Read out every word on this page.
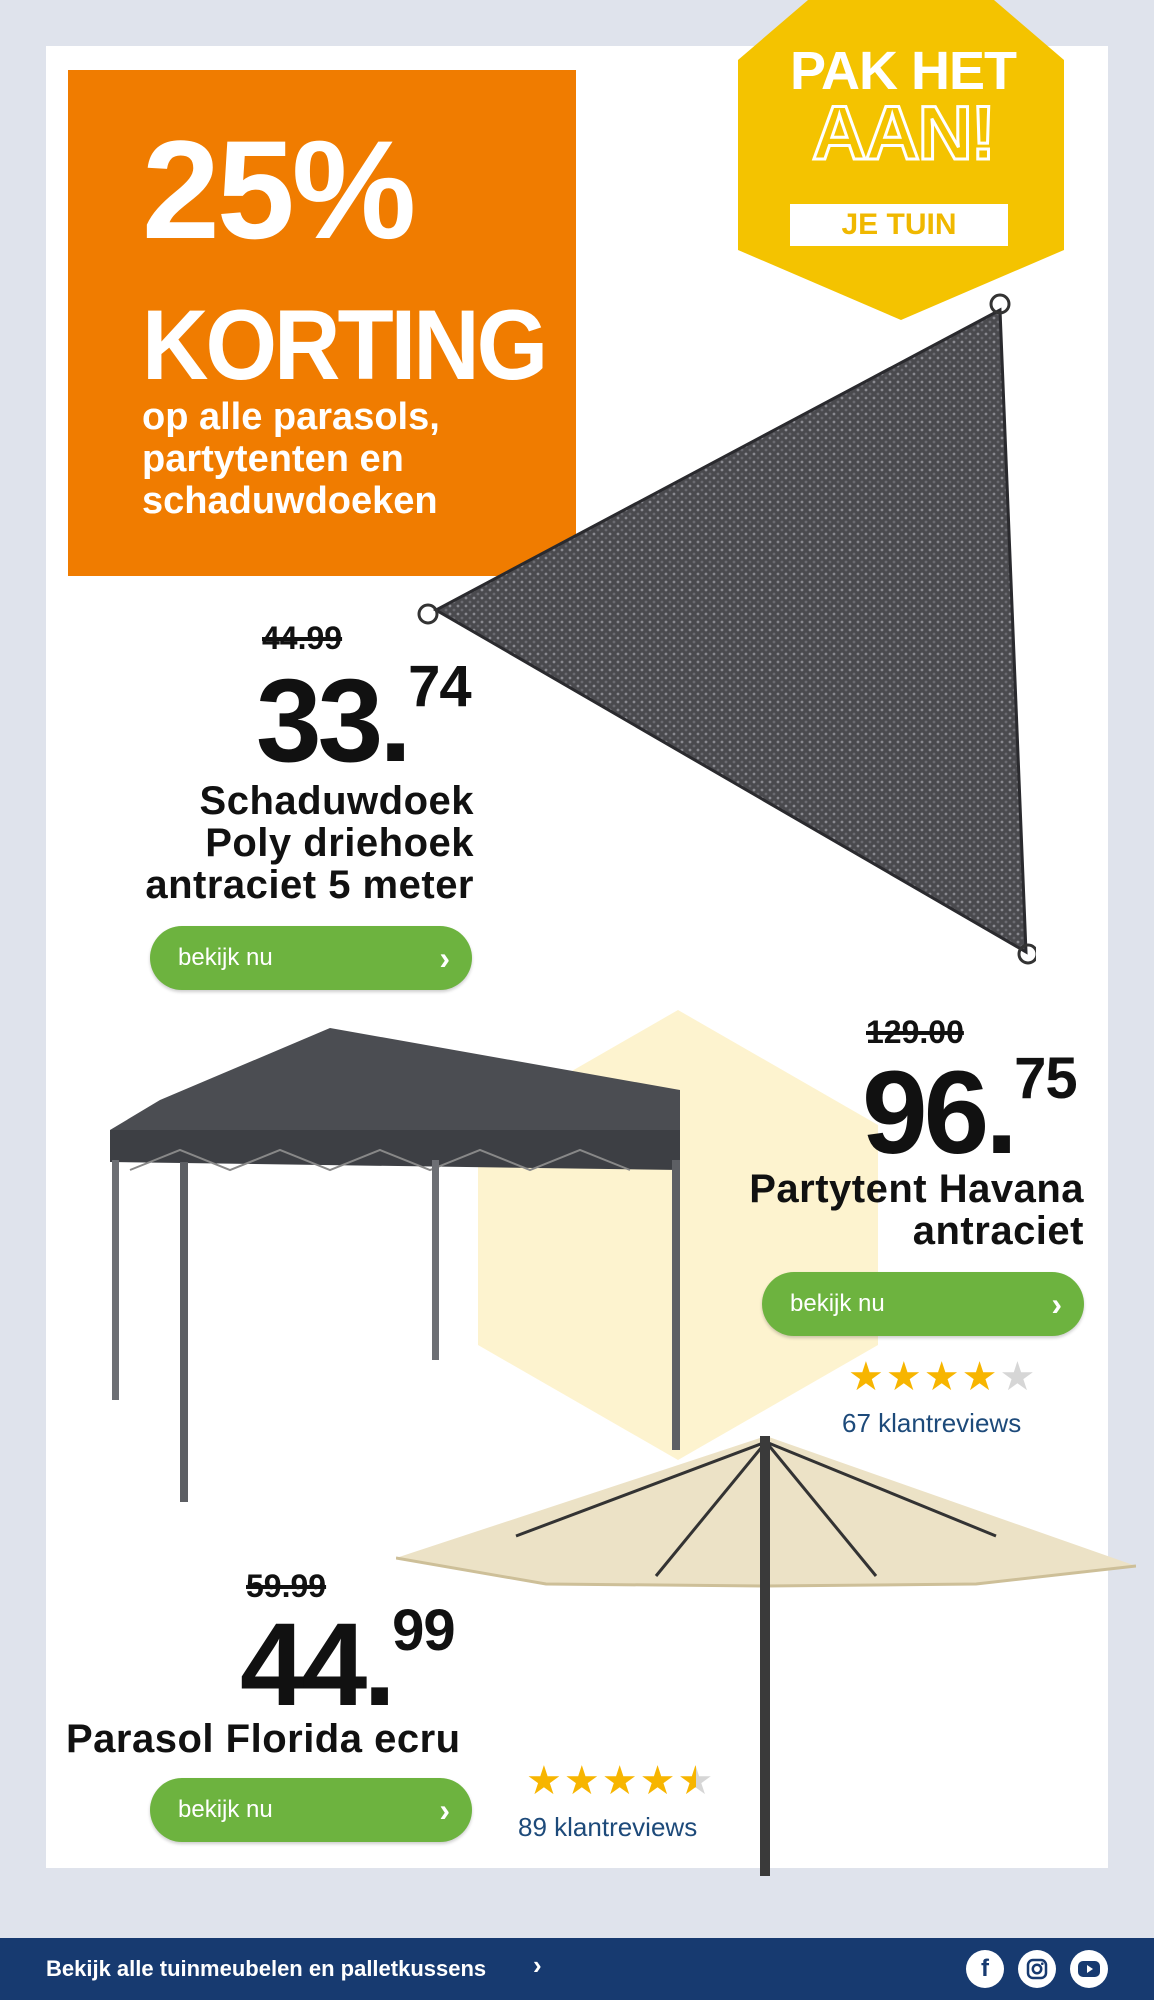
25%
KORTING
op alle parasols, partytenten en schaduwdoeken
PAK HET
AAN!
JE TUIN
44.99
33.74
Schaduwdoek
Poly driehoek
antraciet 5 meter
bekijk nu	›
129.00
96.75
Partytent Havana
antraciet
bekijk nu	›
★★★★★
67 klantreviews
59.99
44.99
Parasol Florida ecru
bekijk nu	›
★★★★★
89 klantreviews
Bekijk alle tuinmeubelen en palletkussens ›	f
